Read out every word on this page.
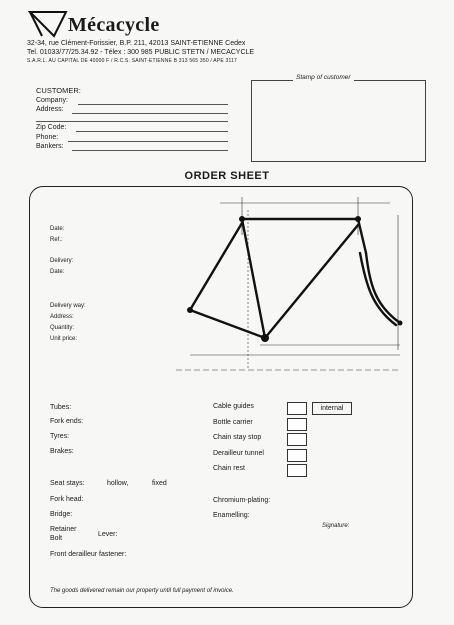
Mécacycle
32-34, rue Clément-Forissier, B.P. 211, 42013 SAINT-ETIENNE Cedex
Tel. 01033/77/25.34.92 - Télex : 300 985 PUBLIC STETN / MECACYCLE
S.A.R.L. AU CAPITAL DE 40000 F / R.C.S. SAINT-ETIENNE B 313 565 350 / APE 3117
CUSTOMER:
Company:
Address:
Zip Code:
Phone:
Bankers:
Stamp of customer
ORDER SHEET
Date:
Ref.:
Delivery:
Date:
Delivery way:
Address:
Quantity:
Unit price:
Tubes:
Fork ends:
Tyres:
Brakes:
Cable guides	internal
Bottle carrier
Chain stay stop
Derailleur tunnel
Chain rest
Seat stays:	hollow,	fixed
Fork head:
Bridge:
Retainer
Bolt
Lever:
Front derailleur fastener:
Chromium-plating:
Enamelling:
Signature:
The goods delivered remain our property until full payment of invoice.
